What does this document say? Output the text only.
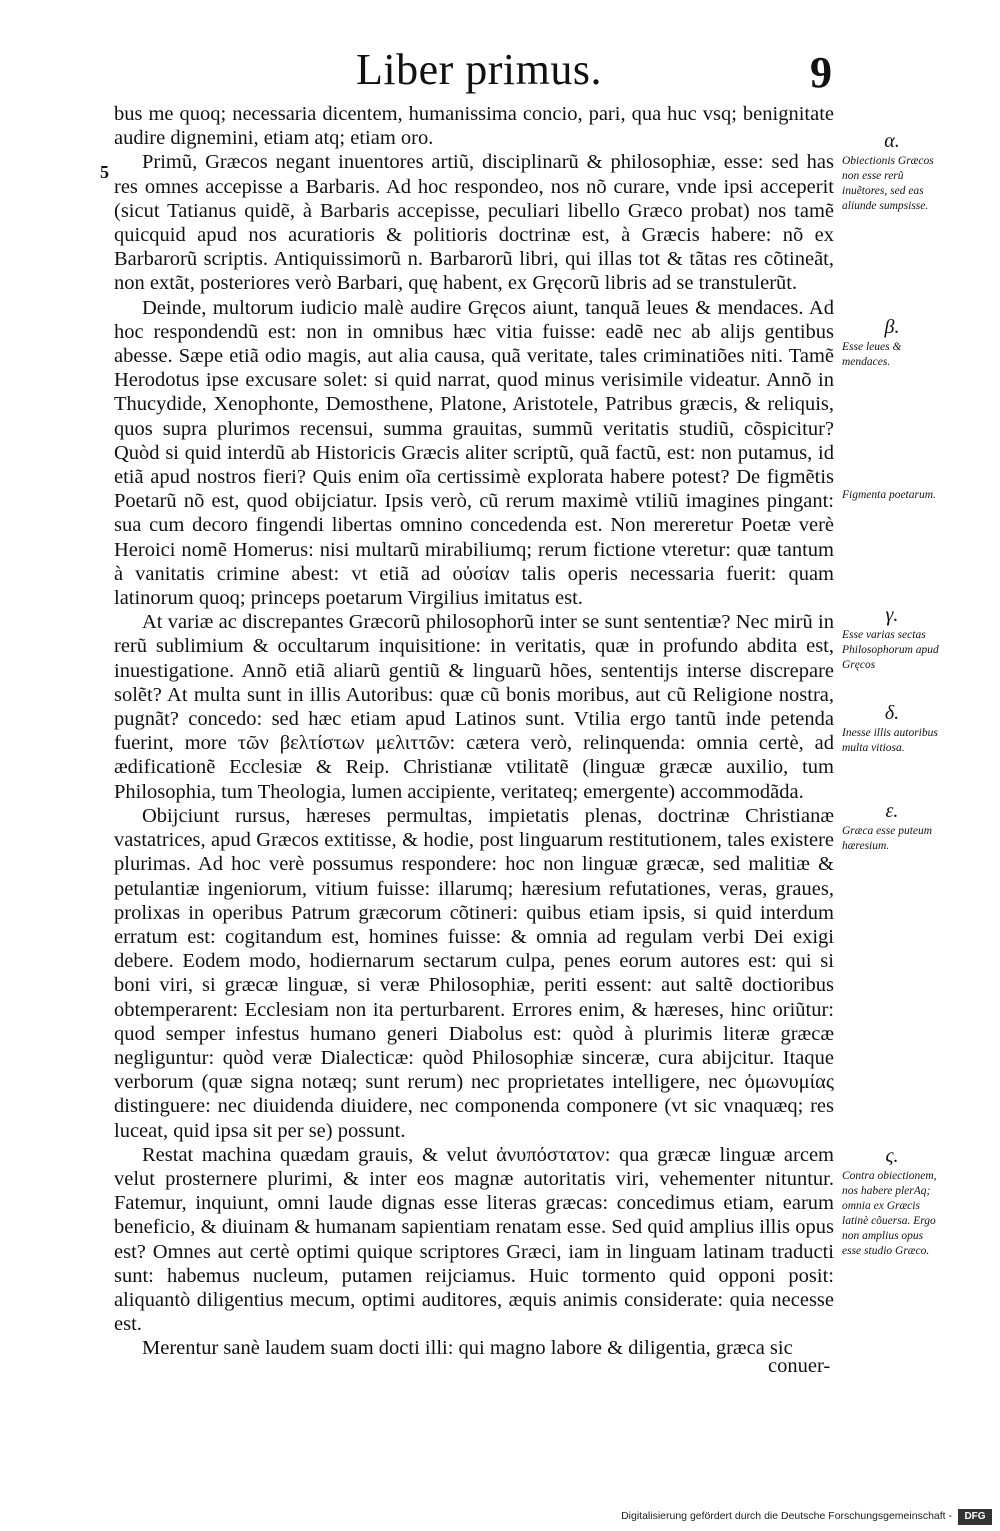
Liber primus.	9
5

bus me quoq; necessaria dicentem, humanissima concio, pari, qua huc vsq; benignitate audire dignemini, etiam atq; etiam oro.

Primũ, Græcos negant inuentores artiũ, disciplinarũ & philosophiæ, esse: sed has res omnes accepisse a Barbaris. Ad hoc respondeo, nos nõ curare, vnde ipsi acceperit (sicut Tatianus quidẽ, à Barbaris accepisse, peculiari libello Græco probat) nos tamẽ quicquid apud nos acuratioris & politioris doctrinæ est, à Græcis habere: nõ ex Barbarorũ scriptis. Antiquissimorũ n. Barbarorũ libri, qui illas tot & tãtas res cõtineãt, non extãt, posteriores verò Barbari, quę habent, ex Gręcorũ libris ad se transtulerũt.

Deinde, multorum iudicio malè audire Gręcos aiunt, tanquã leues & mendaces. Ad hoc respondendũ est: non in omnibus hæc vitia fuisse: eadẽ nec ab alijs gentibus abesse. Sæpe etiã odio magis, aut alia causa, quã veritate, tales criminatiões niti. Tamẽ Herodotus ipse excusare solet: si quid narrat, quod minus verisimile videatur. Annõ in Thucydide, Xenophonte, Demosthene, Platone, Aristotele, Patribus græcis, & reliquis, quos supra plurimos recensui, summa grauitas, summũ veritatis studiũ, cõspicitur? Quòd si quid interdũ ab Historicis Græcis aliter scriptũ, quã factũ, est: non putamus, id etiã apud nostros fieri? Quis enim oĩa certissimè explorata habere potest? De figmẽtis Poetarũ nõ est, quod obijciatur. Ipsis verò, cũ rerum maximè vtiliũ imagines pingant: sua cum decoro fingendi libertas omnino concedenda est. Non mereretur Poetæ verè Heroici nomẽ Homerus: nisi multarũ mirabiliumq; rerum fictione vteretur: quæ tantum à vanitatis crimine abest: vt etiã ad οὐσίαν talis operis necessaria fuerit: quam latinorum quoq; princeps poetarum Virgilius imitatus est.

At variæ ac discrepantes Græcorũ philosophorũ inter se sunt sententiæ? Nec mirũ in rerũ sublimium & occultarum inquisitione: in veritatis, quæ in profundo abdita est, inuestigatione. Annõ etiã aliarũ gentiũ & linguarũ hões, sententijs interse discrepare solẽt? At multa sunt in illis Autoribus: quæ cũ bonis moribus, aut cũ Religione nostra, pugnãt? concedo: sed hæc etiam apud Latinos sunt. Vtilia ergo tantũ inde petenda fuerint, more τῶν βελτίστων μελιττῶν: cætera verò, relinquenda: omnia certè, ad ædificationẽ Ecclesiæ & Reip. Christianæ vtilitatẽ (linguæ græcæ auxilio, tum Philosophia, tum Theologia, lumen accipiente, veritateq; emergente) accommodãda.

Obijciunt rursus, hæreses permultas, impietatis plenas, doctrinæ Christianæ vastatrices, apud Græcos extitisse, & hodie, post linguarum restitutionem, tales existere plurimas. Ad hoc verè possumus respondere: hoc non linguæ græcæ, sed malitiæ & petulantiæ ingeniorum, vitium fuisse: illarumq; hæresium refutationes, veras, graues, prolixas in operibus Patrum græcorum cõtineri: quibus etiam ipsis, si quid interdum erratum est: cogitandum est, homines fuisse: & omnia ad regulam verbi Dei exigi debere. Eodem modo, hodiernarum sectarum culpa, penes eorum autores est: qui si boni viri, si græcæ linguæ, si veræ Philosophiæ, periti essent: aut saltẽ doctioribus obtemperarent: Ecclesiam non ita perturbarent. Errores enim, & hæreses, hinc oriũtur: quod semper infestus humano generi Diabolus est: quòd à plurimis literæ græcæ negliguntur: quòd veræ Dialecticæ: quòd Philosophiæ sinceræ, cura abijcitur. Itaque verborum (quæ signa notæq; sunt rerum) nec proprietates intelligere, nec ὁμωνυμίας distinguere: nec diuidenda diuidere, nec componenda componere (vt sic vnaquæq; res luceat, quid ipsa sit per se) possunt.

Restat machina quædam grauis, & velut ἀνυπόστατον: qua græcæ linguæ arcem velut prosternere plurimi, & inter eos magnæ autoritatis viri, vehementer nituntur. Fatemur, inquiunt, omni laude dignas esse literas græcas: concedimus etiam, earum beneficio, & diuinam & humanam sapientiam renatam esse. Sed quid amplius illis opus est? Omnes aut certè optimi quique scriptores Græci, iam in linguam latinam traducti sunt: habemus nucleum, putamen reijciamus. Huic tormento quid opponi posit: aliquantò diligentius mecum, optimi auditores, æquis animis considerate: quia necesse est.

Merentur sanè laudem suam docti illi: qui magno labore & diligentia, græca sic

conuer-
α.
Obiectionis Græcos non esse rerũ inuẽtores, sed eas aliunde sumpsisse.
β.
Esse leues & mendaces.
Figmenta poetarum.
γ.
Esse varias sectas Philosophorum apud Gręcos
δ.
Inesse illis autoribus multa vitiosa.
ε.
Græca esse puteum hæresium.
ς.
Contra obiectionem, nos habere plerAq; omnia ex Græcis latinè cõuersa. Ergo non amplius opus esse studio Græco.
Digitalisierung gefördert durch die Deutsche Forschungsgemeinschaft -	DFG
